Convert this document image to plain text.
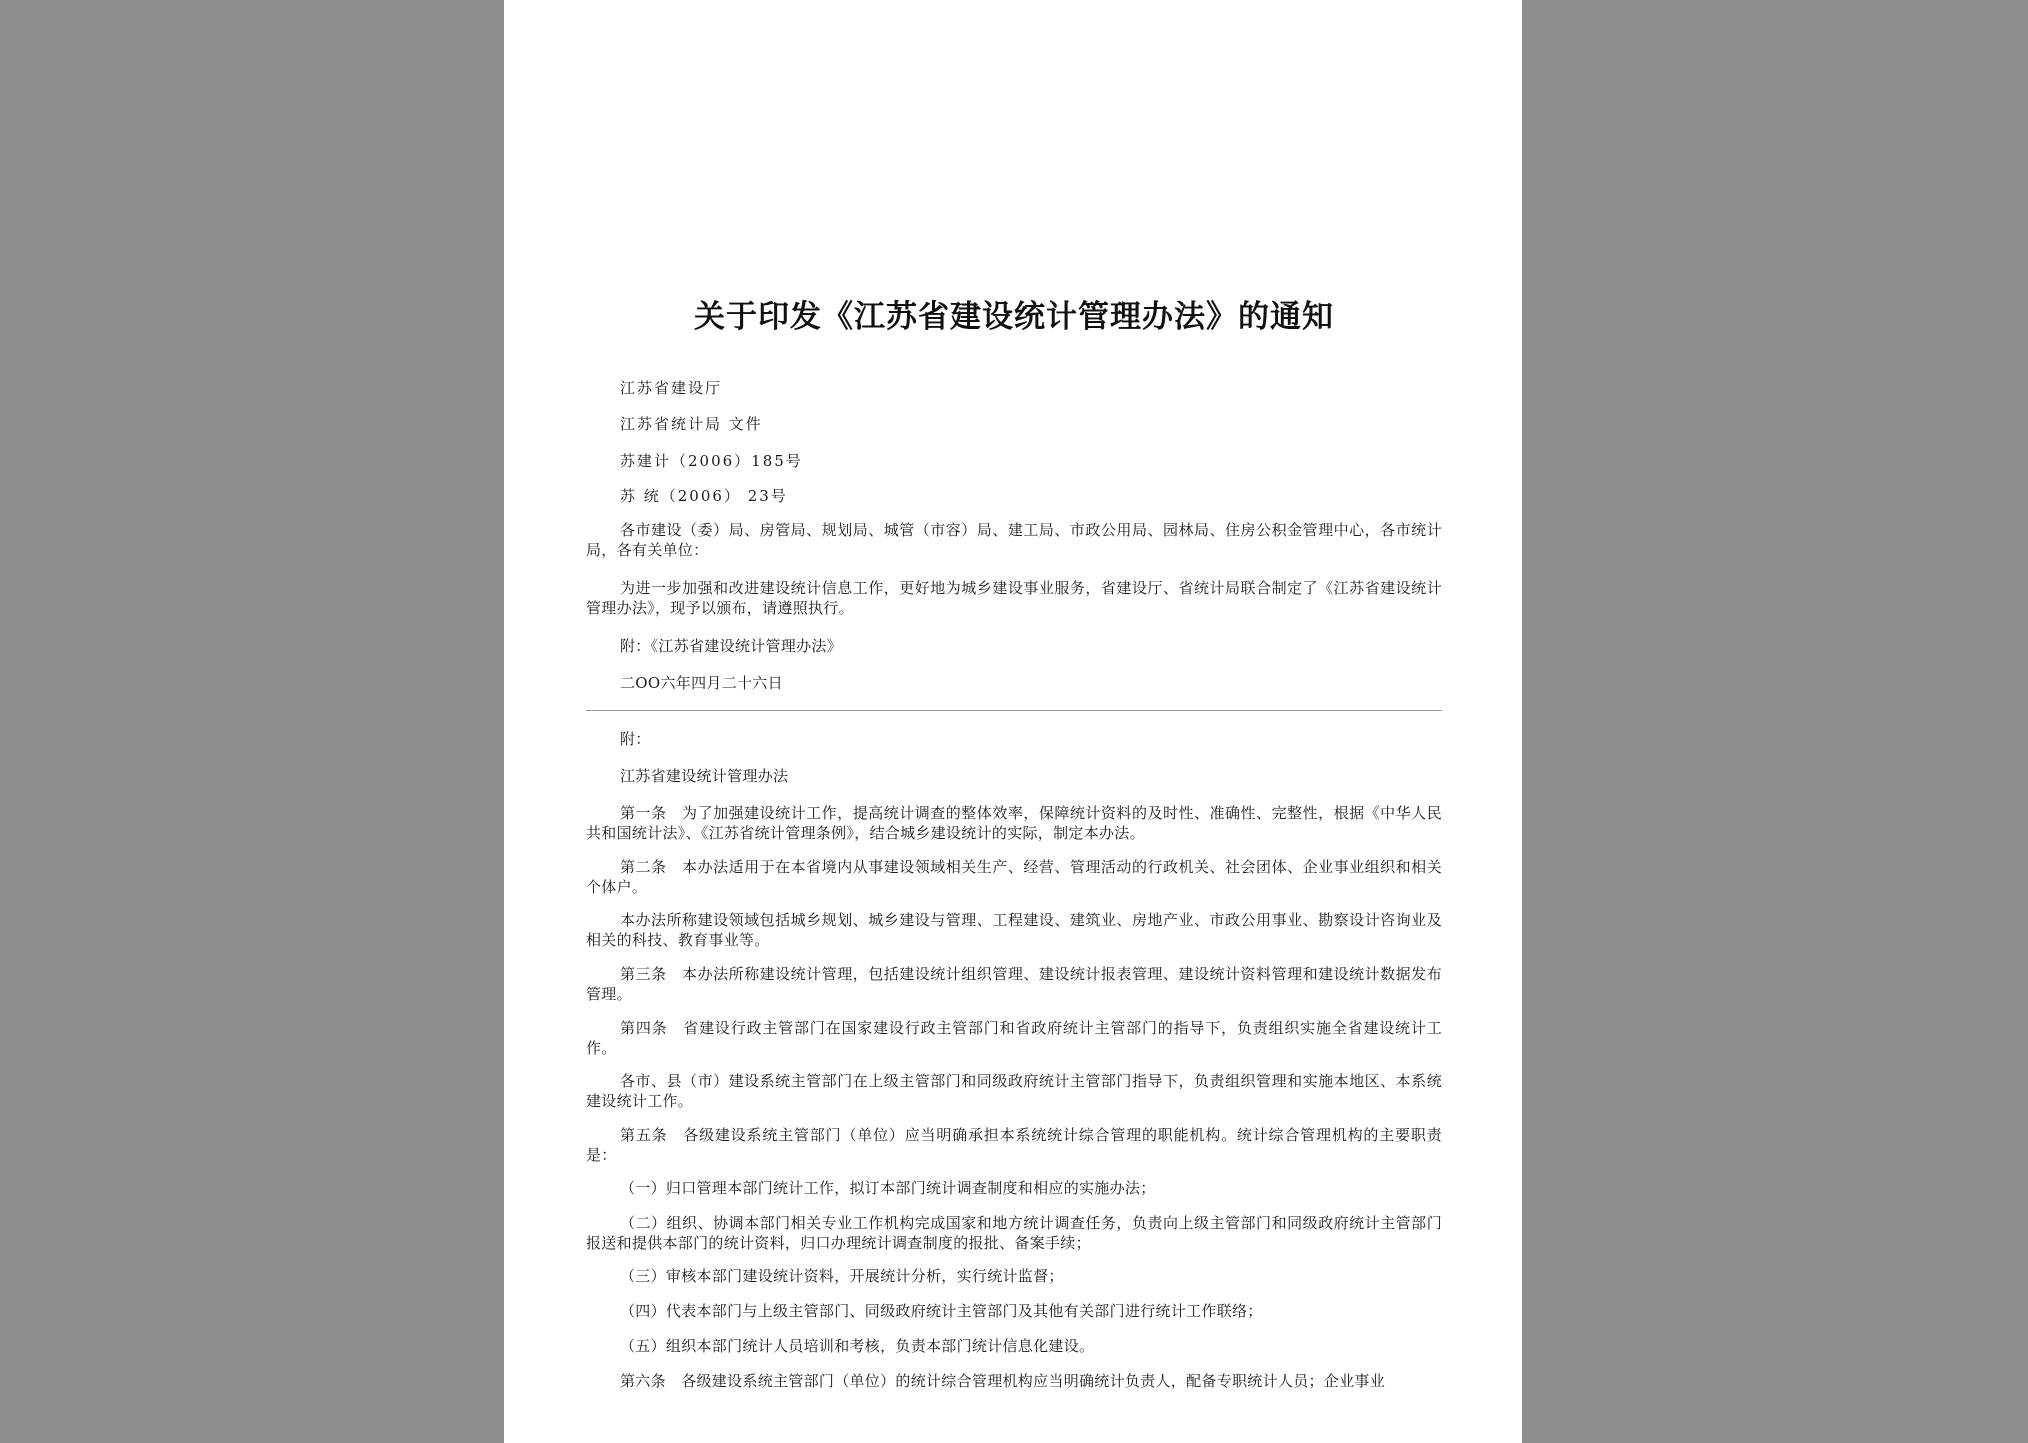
关于印发《江苏省建设统计管理办法》的通知
江苏省建设厅
江苏省统计局 文件
苏建计（2006）185号
苏 统（2006） 23号
各市建设（委）局、房管局、规划局、城管（市容）局、建工局、市政公用局、园林局、住房公积金管理中心，各市统计局，各有关单位：
为进一步加强和改进建设统计信息工作，更好地为城乡建设事业服务，省建设厅、省统计局联合制定了《江苏省建设统计管理办法》，现予以颁布，请遵照执行。
附：《江苏省建设统计管理办法》
二OO六年四月二十六日
附：
江苏省建设统计管理办法
第一条　为了加强建设统计工作，提高统计调查的整体效率，保障统计资料的及时性、准确性、完整性，根据《中华人民共和国统计法》、《江苏省统计管理条例》，结合城乡建设统计的实际，制定本办法。
第二条　本办法适用于在本省境内从事建设领域相关生产、经营、管理活动的行政机关、社会团体、企业事业组织和相关个体户。
本办法所称建设领域包括城乡规划、城乡建设与管理、工程建设、建筑业、房地产业、市政公用事业、勘察设计咨询业及相关的科技、教育事业等。
第三条　本办法所称建设统计管理，包括建设统计组织管理、建设统计报表管理、建设统计资料管理和建设统计数据发布管理。
第四条　省建设行政主管部门在国家建设行政主管部门和省政府统计主管部门的指导下，负责组织实施全省建设统计工作。
各市、县（市）建设系统主管部门在上级主管部门和同级政府统计主管部门指导下，负责组织管理和实施本地区、本系统建设统计工作。
第五条　各级建设系统主管部门（单位）应当明确承担本系统统计综合管理的职能机构。统计综合管理机构的主要职责是：
（一）归口管理本部门统计工作，拟订本部门统计调查制度和相应的实施办法；
（二）组织、协调本部门相关专业工作机构完成国家和地方统计调查任务，负责向上级主管部门和同级政府统计主管部门报送和提供本部门的统计资料，归口办理统计调查制度的报批、备案手续；
（三）审核本部门建设统计资料，开展统计分析，实行统计监督；
（四）代表本部门与上级主管部门、同级政府统计主管部门及其他有关部门进行统计工作联络；
（五）组织本部门统计人员培训和考核，负责本部门统计信息化建设。
第六条　各级建设系统主管部门（单位）的统计综合管理机构应当明确统计负责人，配备专职统计人员；企业事业
